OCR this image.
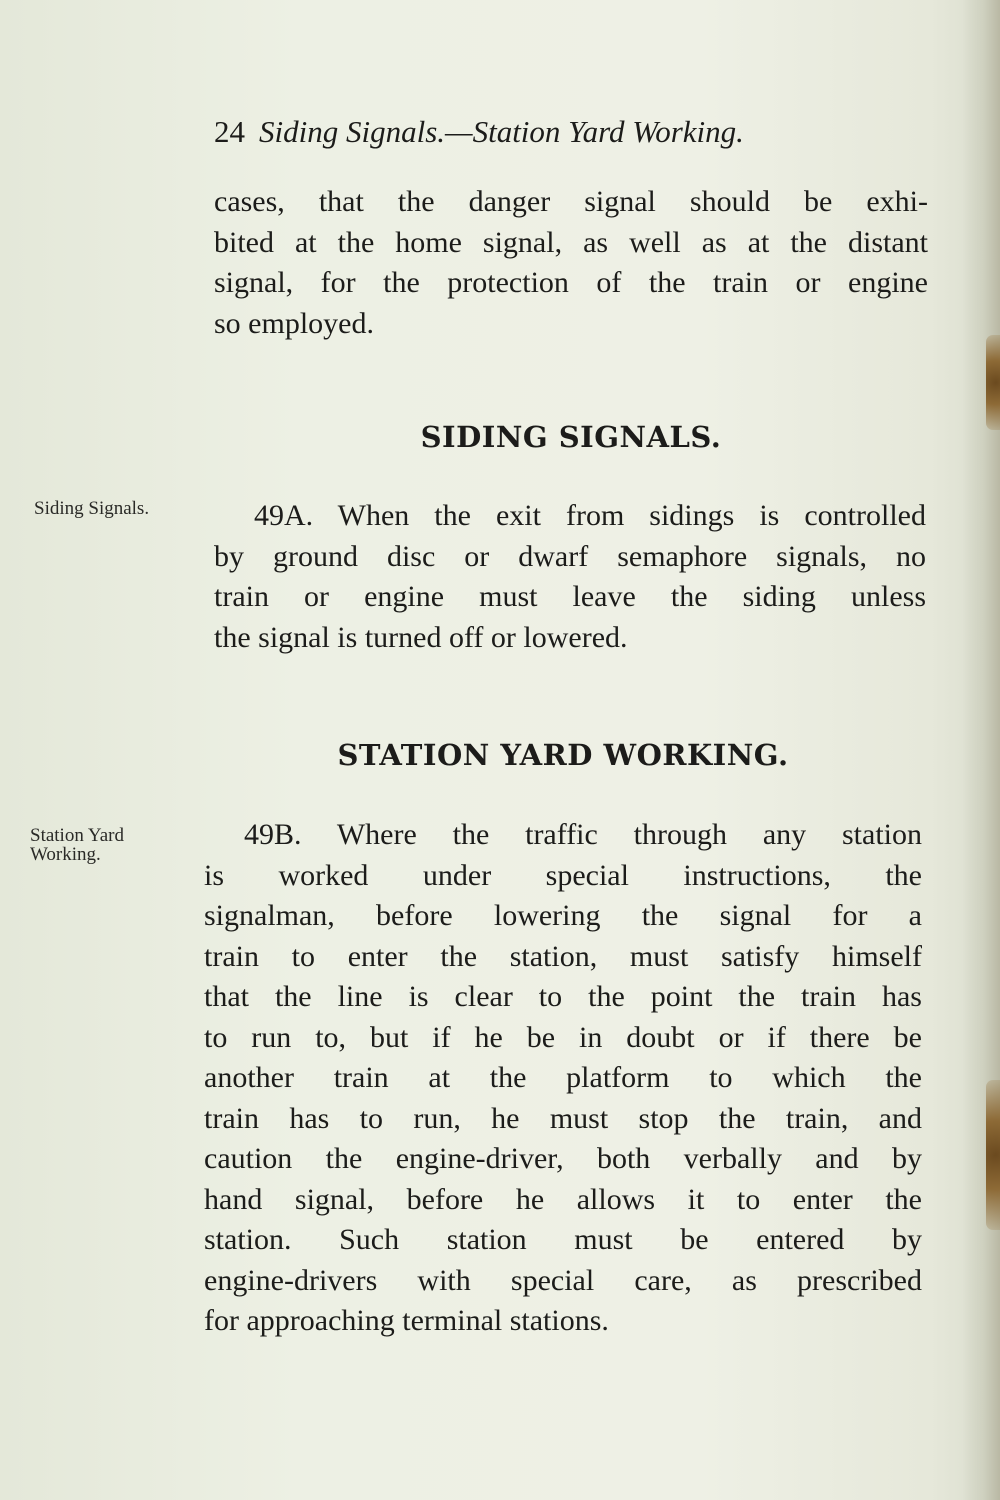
24 Siding Signals.—Station Yard Working.
cases, that the danger signal should be exhi-
bited at the home signal, as well as at the distant
signal, for the protection of the train or engine
so employed.
SIDING SIGNALS.
Siding Signals.	49A. When the exit from sidings is controlled
by ground disc or dwarf semaphore signals, no
train or engine must leave the siding unless
the signal is turned off or lowered.
STATION YARD WORKING.
Station Yard
Working.
49B. Where the traffic through any station
is worked under special instructions, the
signalman, before lowering the signal for a
train to enter the station, must satisfy himself
that the line is clear to the point the train has
to run to, but if he be in doubt or if there be
another train at the platform to which the
train has to run, he must stop the train, and
caution the engine-driver, both verbally and by
hand signal, before he allows it to enter the
station. Such station must be entered by
engine-drivers with special care, as prescribed
for approaching terminal stations.
